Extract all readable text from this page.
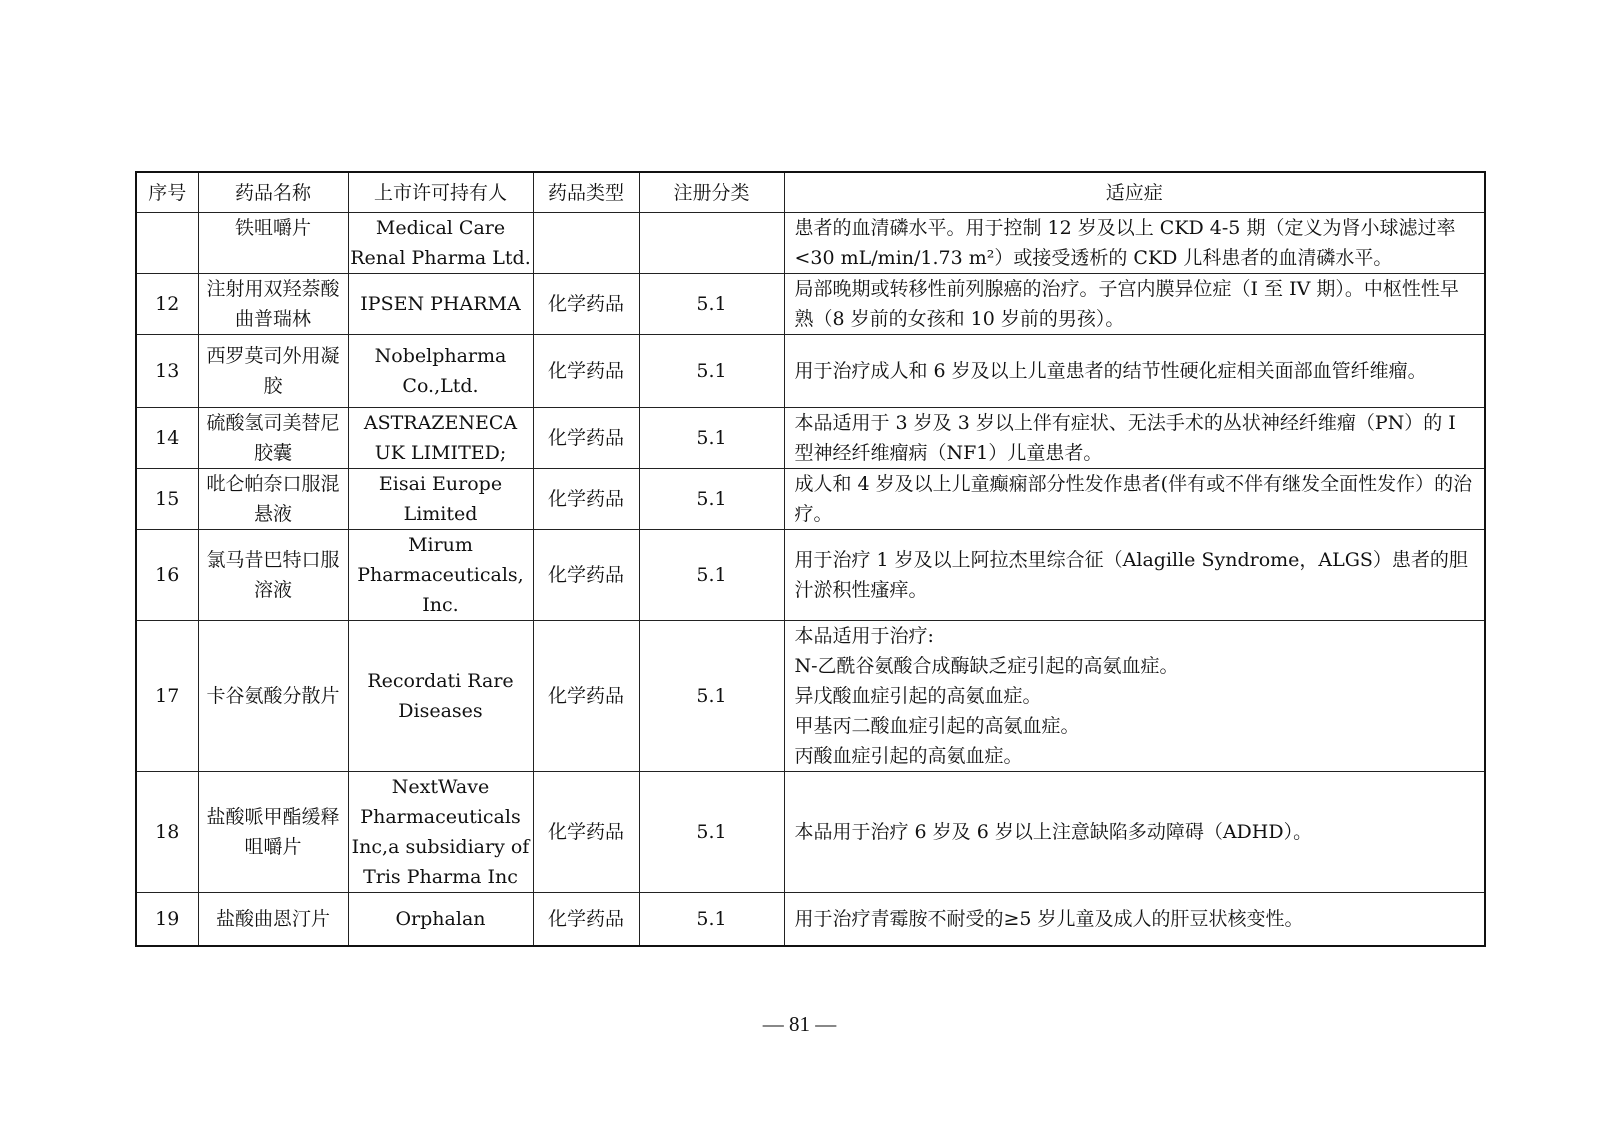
序号	药品名称	上市许可持有人	药品类型	注册分类	适应症
	铁咀嚼片	Medical Care Renal Pharma Ltd.			患者的血清磷水平。用于控制 12 岁及以上 CKD 4-5 期（定义为肾小球滤过率<30 mL/min/1.73 m²）或接受透析的 CKD 儿科患者的血清磷水平。

12	注射用双羟萘酸曲普瑞林	IPSEN PHARMA	化学药品	5.1	局部晚期或转移性前列腺癌的治疗。子宫内膜异位症（I 至 IV 期）。中枢性性早熟（8 岁前的女孩和 10 岁前的男孩）。

13	西罗莫司外用凝胶	Nobelpharma Co.,Ltd.	化学药品	5.1	用于治疗成人和 6 岁及以上儿童患者的结节性硬化症相关面部血管纤维瘤。

14	硫酸氢司美替尼胶囊	ASTRAZENECA UK LIMITED;	化学药品	5.1	本品适用于 3 岁及 3 岁以上伴有症状、无法手术的丛状神经纤维瘤（PN）的 I 型神经纤维瘤病（NF1）儿童患者。

15	吡仑帕奈口服混悬液	Eisai Europe Limited	化学药品	5.1	成人和 4 岁及以上儿童癫痫部分性发作患者(伴有或不伴有继发全面性发作）的治疗。

16	氯马昔巴特口服溶液	Mirum Pharmaceuticals, Inc.	化学药品	5.1	用于治疗 1 岁及以上阿拉杰里综合征（Alagille Syndrome，ALGS）患者的胆汁淤积性瘙痒。

17	卡谷氨酸分散片	Recordati Rare Diseases	化学药品	5.1	本品适用于治疗:
N-乙酰谷氨酸合成酶缺乏症引起的高氨血症。
异戊酸血症引起的高氨血症。
甲基丙二酸血症引起的高氨血症。
丙酸血症引起的高氨血症。

18	盐酸哌甲酯缓释咀嚼片	NextWave Pharmaceuticals Inc,a subsidiary of Tris Pharma Inc	化学药品	5.1	本品用于治疗 6 岁及 6 岁以上注意缺陷多动障碍（ADHD）。

19	盐酸曲恩汀片	Orphalan	化学药品	5.1	用于治疗青霉胺不耐受的≥5 岁儿童及成人的肝豆状核变性。
— 81 —
